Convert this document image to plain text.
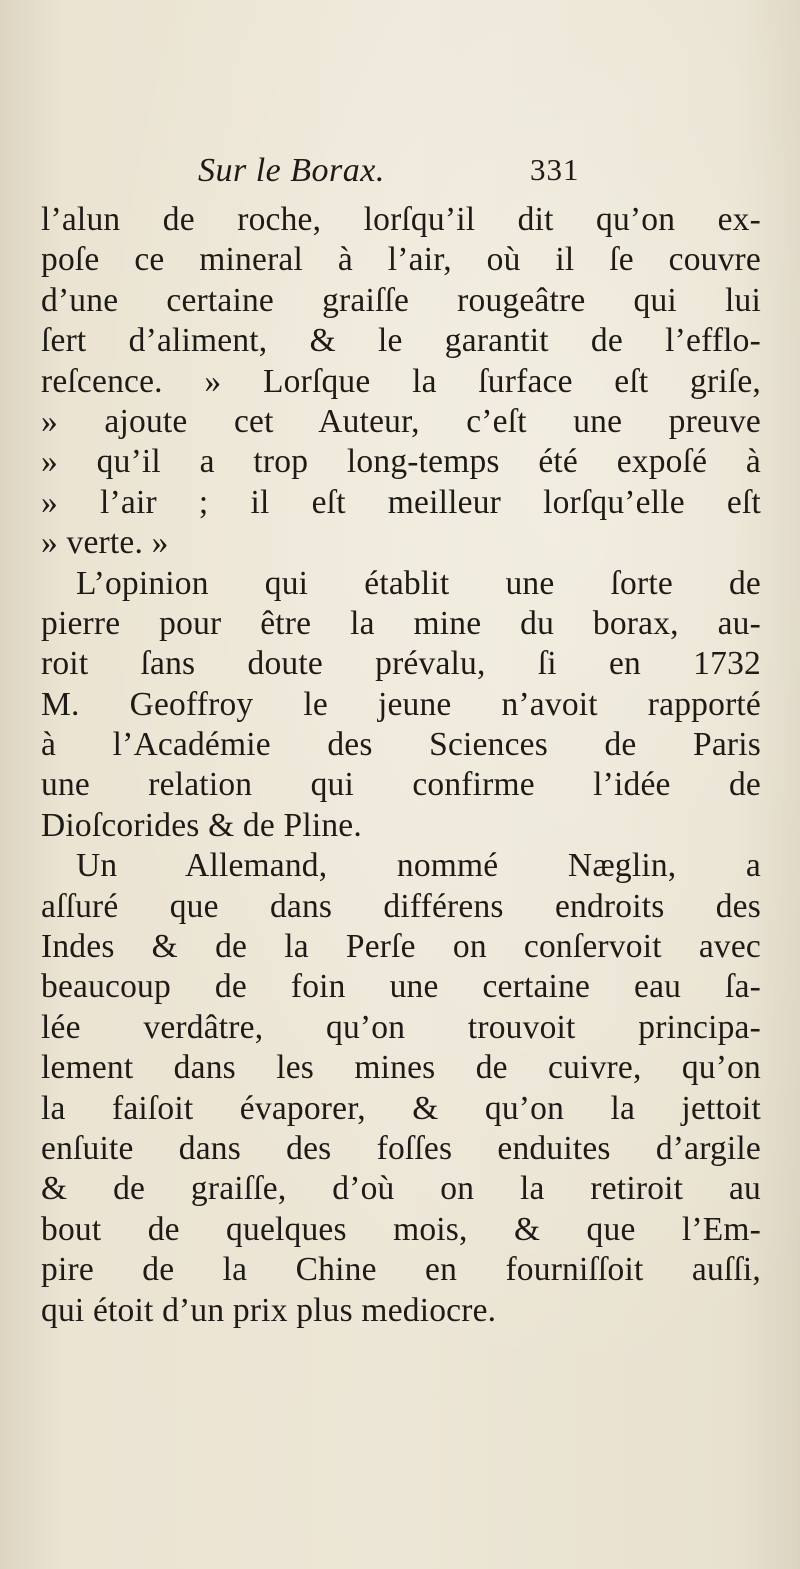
Sur le Borax.	331
l’alun de roche, lorſqu’il dit qu’on ex-
poſe ce mineral à l’air, où il ſe couvre
d’une certaine graiſſe rougeâtre qui lui
ſert d’aliment, & le garantit de l’efflo-
reſcence. » Lorſque la ſurface eſt griſe,
» ajoute cet Auteur, c’eſt une preuve
» qu’il a trop long-temps été expoſé à
» l’air ; il eſt meilleur lorſqu’elle eſt
» verte. »
L’opinion qui établit une ſorte de
pierre pour être la mine du borax, au-
roit ſans doute prévalu, ſi en 1732
M. Geoffroy le jeune n’avoit rapporté
à l’Académie des Sciences de Paris
une relation qui confirme l’idée de
Dioſcorides & de Pline.
Un Allemand, nommé Næglin, a
aſſuré que dans différens endroits des
Indes & de la Perſe on conſervoit avec
beaucoup de foin une certaine eau ſa-
lée verdâtre, qu’on trouvoit principa-
lement dans les mines de cuivre, qu’on
la faiſoit évaporer, & qu’on la jettoit
enſuite dans des foſſes enduites d’argile
& de graiſſe, d’où on la retiroit au
bout de quelques mois, & que l’Em-
pire de la Chine en fourniſſoit auſſi,
qui étoit d’un prix plus mediocre.
